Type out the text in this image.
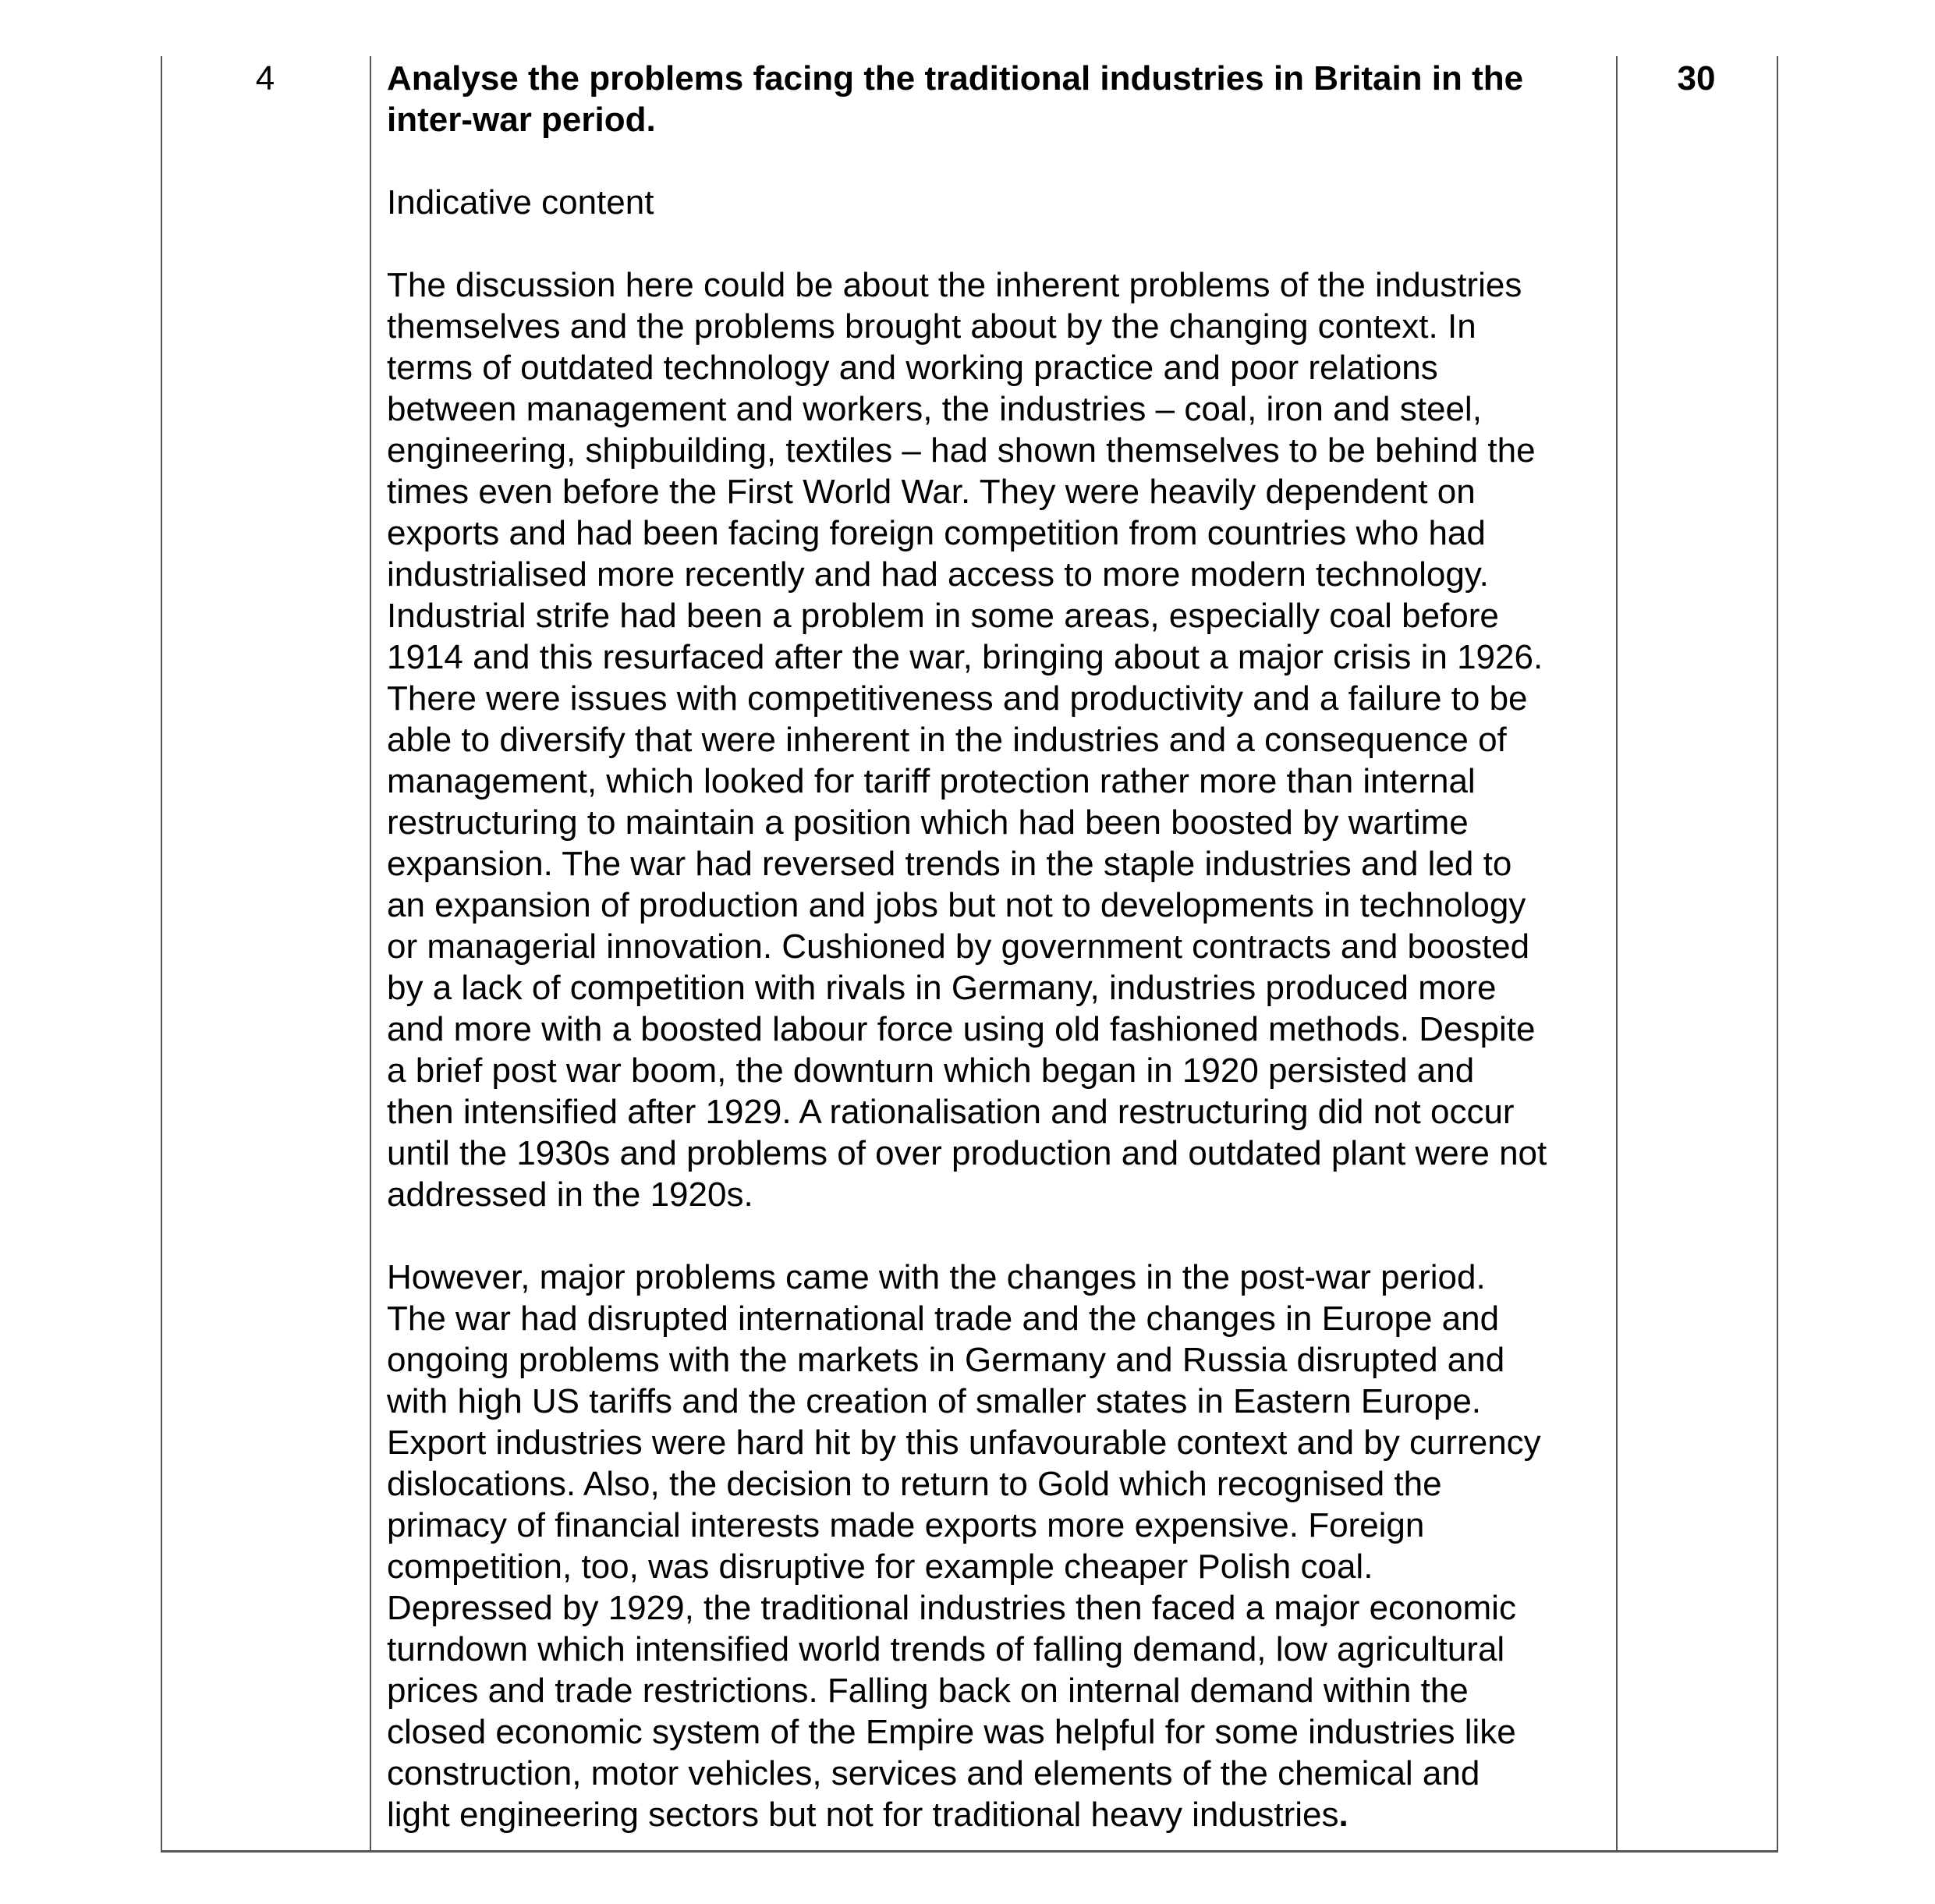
4	Analyse the problems facing the traditional industries in Britain in the
inter-war period.
Indicative content
The discussion here could be about the inherent problems of the industries
themselves and the problems brought about by the changing context. In
terms of outdated technology and working practice and poor relations
between management and workers, the industries – coal, iron and steel,
engineering, shipbuilding, textiles – had shown themselves to be behind the
times even before the First World War. They were heavily dependent on
exports and had been facing foreign competition from countries who had
industrialised more recently and had access to more modern technology.
Industrial strife had been a problem in some areas, especially coal before
1914 and this resurfaced after the war, bringing about a major crisis in 1926.
There were issues with competitiveness and productivity and a failure to be
able to diversify that were inherent in the industries and a consequence of
management, which looked for tariff protection rather more than internal
restructuring to maintain a position which had been boosted by wartime
expansion. The war had reversed trends in the staple industries and led to
an expansion of production and jobs but not to developments in technology
or managerial innovation. Cushioned by government contracts and boosted
by a lack of competition with rivals in Germany, industries produced more
and more with a boosted labour force using old fashioned methods. Despite
a brief post war boom, the downturn which began in 1920 persisted and
then intensified after 1929. A rationalisation and restructuring did not occur
until the 1930s and problems of over production and outdated plant were not
addressed in the 1920s.
However, major problems came with the changes in the post-war period.
The war had disrupted international trade and the changes in Europe and
ongoing problems with the markets in Germany and Russia disrupted and
with high US tariffs and the creation of smaller states in Eastern Europe.
Export industries were hard hit by this unfavourable context and by currency
dislocations. Also, the decision to return to Gold which recognised the
primacy of financial interests made exports more expensive. Foreign
competition, too, was disruptive for example cheaper Polish coal.
Depressed by 1929, the traditional industries then faced a major economic
turndown which intensified world trends of falling demand, low agricultural
prices and trade restrictions. Falling back on internal demand within the
closed economic system of the Empire was helpful for some industries like
construction, motor vehicles, services and elements of the chemical and
light engineering sectors but not for traditional heavy industries.
30
